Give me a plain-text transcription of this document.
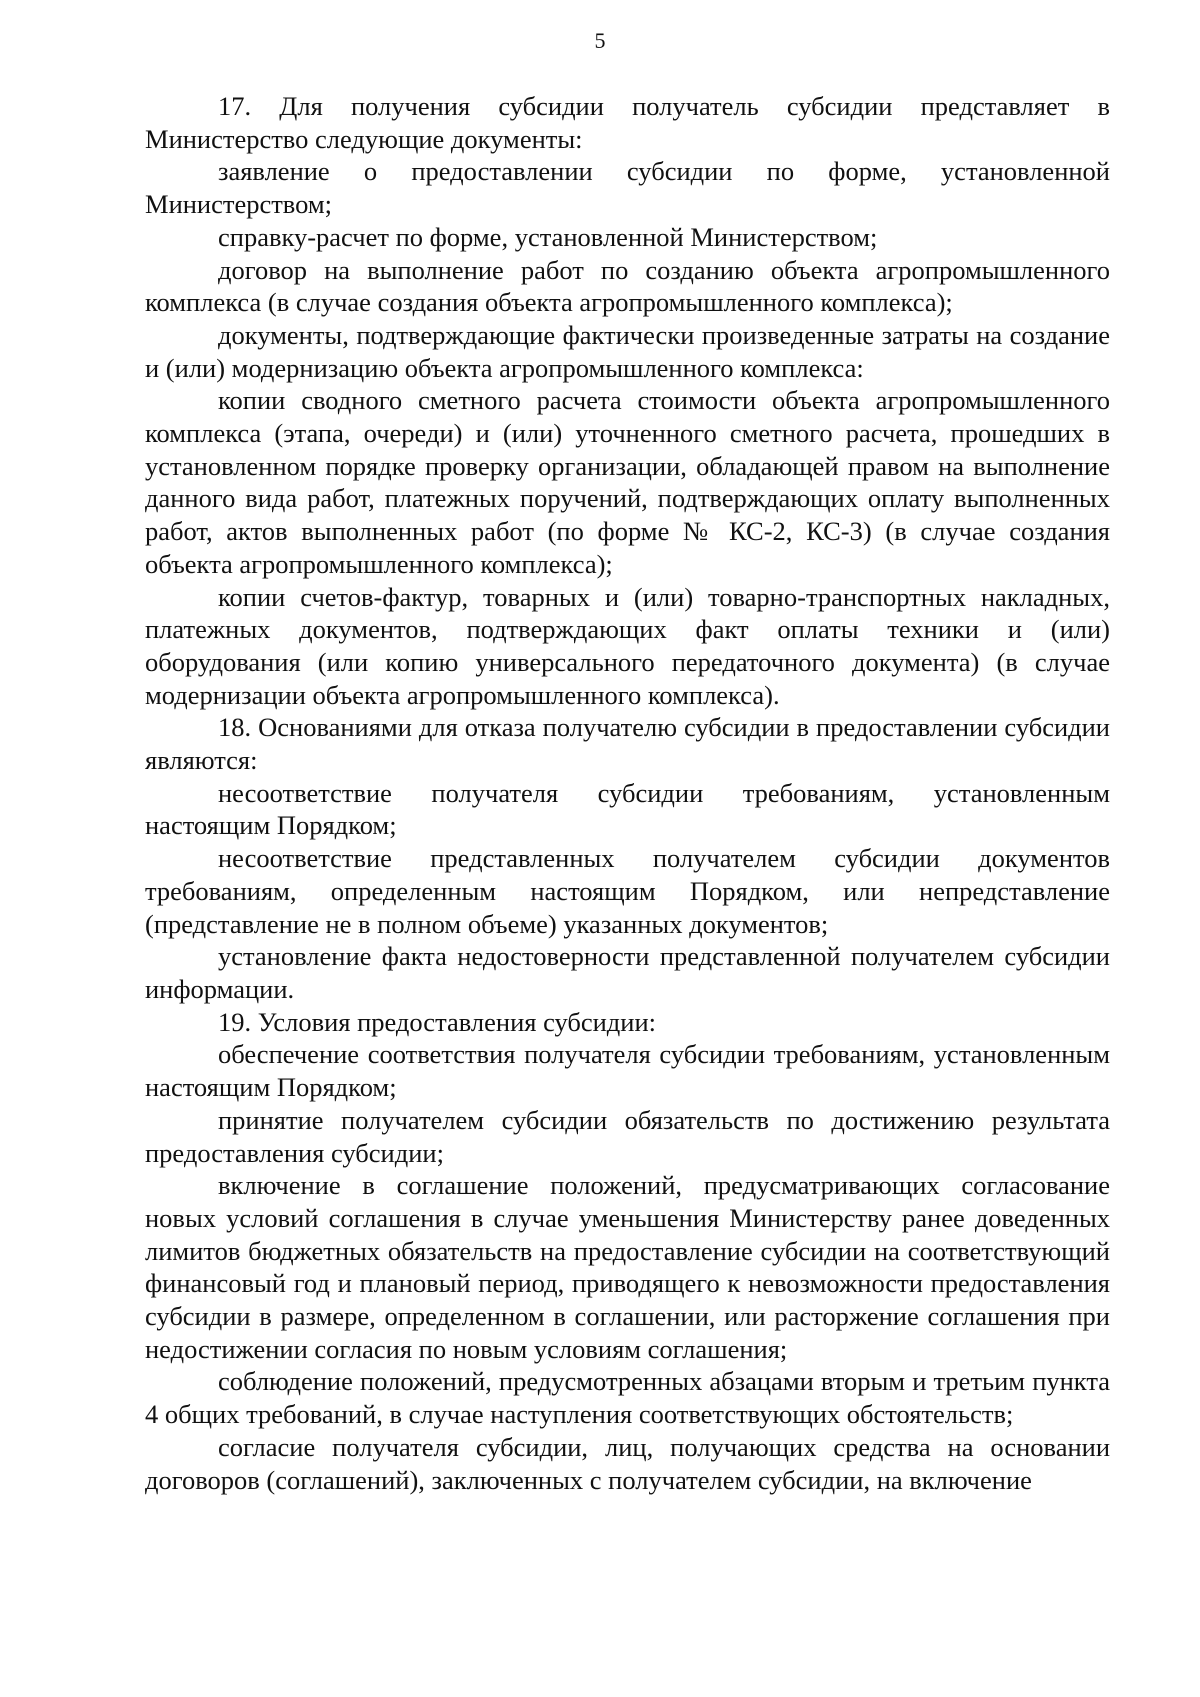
5

17. Для получения субсидии получатель субсидии представляет в Министерство следующие документы:

заявление о предоставлении субсидии по форме, установленной Министерством;

справку-расчет по форме, установленной Министерством;

договор на выполнение работ по созданию объекта агропромышленного комплекса (в случае создания объекта агропромышленного комплекса);

документы, подтверждающие фактически произведенные затраты на создание и (или) модернизацию объекта агропромышленного комплекса:

копии сводного сметного расчета стоимости объекта агропромышленного комплекса (этапа, очереди) и (или) уточненного сметного расчета, прошедших в установленном порядке проверку организации, обладающей правом на выполнение данного вида работ, платежных поручений, подтверждающих оплату выполненных работ, актов выполненных работ (по форме № КС-2, КС-3) (в случае создания объекта агропромышленного комплекса);

копии счетов-фактур, товарных и (или) товарно-транспортных накладных, платежных документов, подтверждающих факт оплаты техники и (или) оборудования (или копию универсального передаточного документа) (в случае модернизации объекта агропромышленного комплекса).

18. Основаниями для отказа получателю субсидии в предоставлении субсидии являются:

несоответствие получателя субсидии требованиям, установленным настоящим Порядком;

несоответствие представленных получателем субсидии документов требованиям, определенным настоящим Порядком, или непредставление (представление не в полном объеме) указанных документов;

установление факта недостоверности представленной получателем субсидии информации.

19. Условия предоставления субсидии:

обеспечение соответствия получателя субсидии требованиям, установленным настоящим Порядком;

принятие получателем субсидии обязательств по достижению результата предоставления субсидии;

включение в соглашение положений, предусматривающих согласование новых условий соглашения в случае уменьшения Министерству ранее доведенных лимитов бюджетных обязательств на предоставление субсидии на соответствующий финансовый год и плановый период, приводящего к невозможности предоставления субсидии в размере, определенном в соглашении, или расторжение соглашения при недостижении согласия по новым условиям соглашения;

соблюдение положений, предусмотренных абзацами вторым и третьим пункта 4 общих требований, в случае наступления соответствующих обстоятельств;

согласие получателя субсидии, лиц, получающих средства на основании договоров (соглашений), заключенных с получателем субсидии, на включение
